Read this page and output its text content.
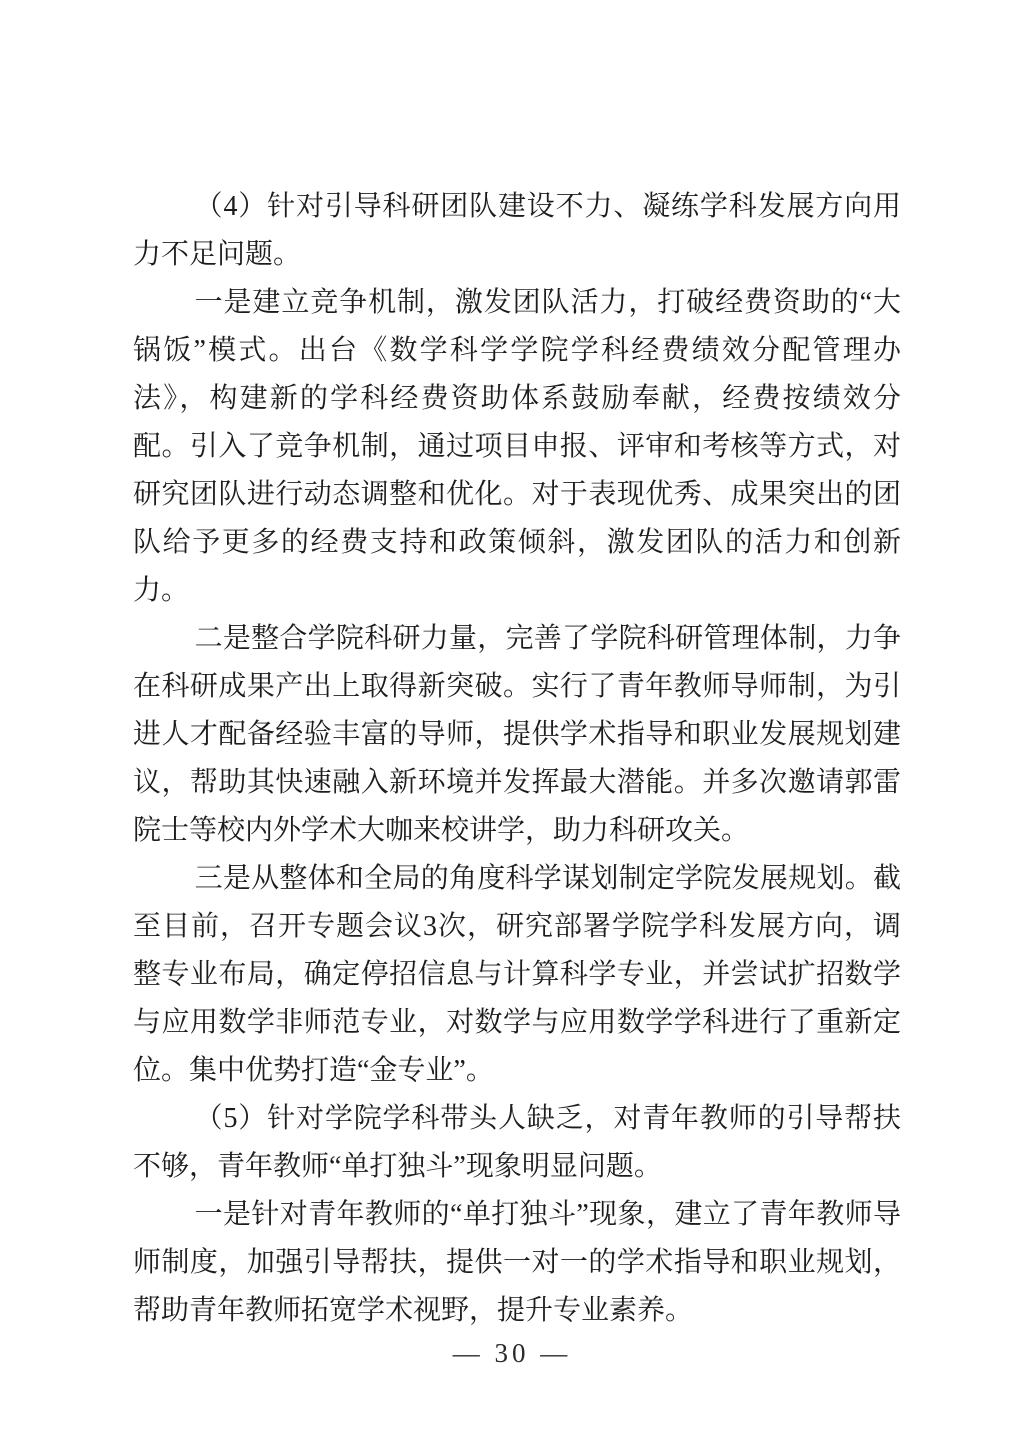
（4）针对引导科研团队建设不力、凝练学科发展方向用力不足问题。

一是建立竞争机制，激发团队活力，打破经费资助的“大锅饭”模式。出台《数学科学学院学科经费绩效分配管理办法》，构建新的学科经费资助体系鼓励奉献，经费按绩效分配。引入了竞争机制，通过项目申报、评审和考核等方式，对研究团队进行动态调整和优化。对于表现优秀、成果突出的团队给予更多的经费支持和政策倾斜，激发团队的活力和创新力。

二是整合学院科研力量，完善了学院科研管理体制，力争在科研成果产出上取得新突破。实行了青年教师导师制，为引进人才配备经验丰富的导师，提供学术指导和职业发展规划建议，帮助其快速融入新环境并发挥最大潜能。并多次邀请郭雷院士等校内外学术大咖来校讲学，助力科研攻关。

三是从整体和全局的角度科学谋划制定学院发展规划。截至目前，召开专题会议3次，研究部署学院学科发展方向，调整专业布局，确定停招信息与计算科学专业，并尝试扩招数学与应用数学非师范专业，对数学与应用数学学科进行了重新定位。集中优势打造“金专业”。

（5）针对学院学科带头人缺乏，对青年教师的引导帮扶不够，青年教师“单打独斗”现象明显问题。

一是针对青年教师的“单打独斗”现象，建立了青年教师导师制度，加强引导帮扶，提供一对一的学术指导和职业规划，帮助青年教师拓宽学术视野，提升专业素养。

— 30 —
